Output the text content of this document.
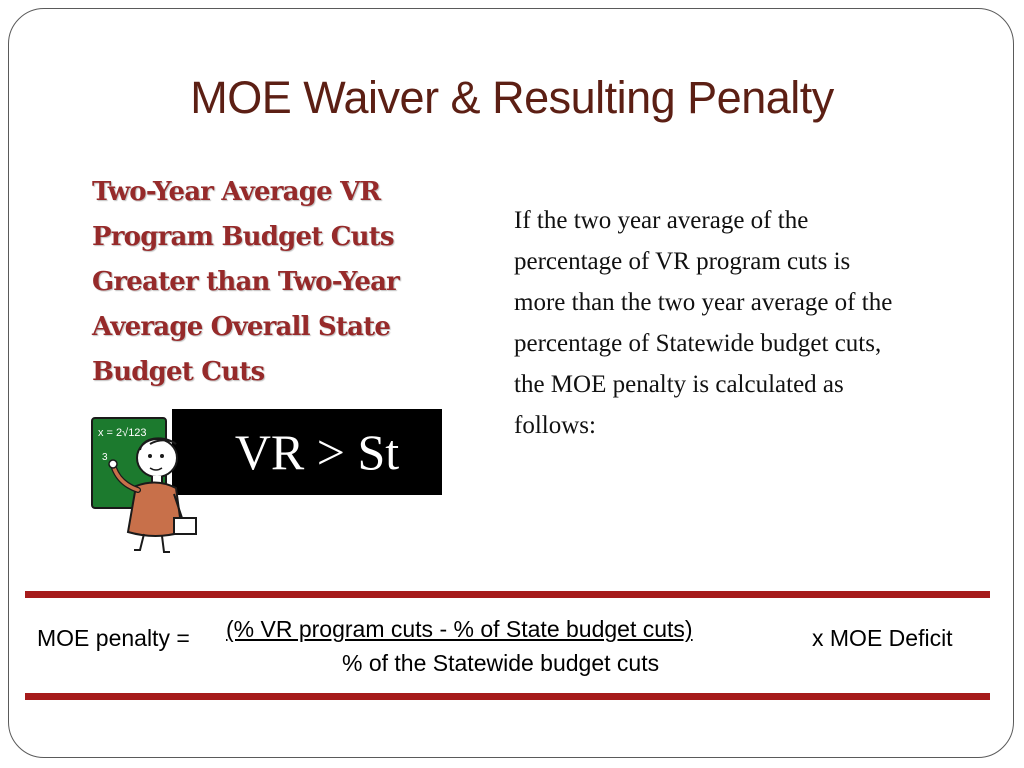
MOE Waiver & Resulting Penalty
Two-Year Average VR Program Budget Cuts Greater than Two-Year Average Overall State Budget Cuts
If the two year average of the percentage of VR program cuts is more than the two year average of the percentage of Statewide budget cuts, the MOE penalty is calculated as follows:
VR > St
x = 2√123
3
MOE penalty = (% VR program cuts - % of State budget cuts)
% of the Statewide budget cuts
x MOE Deficit
